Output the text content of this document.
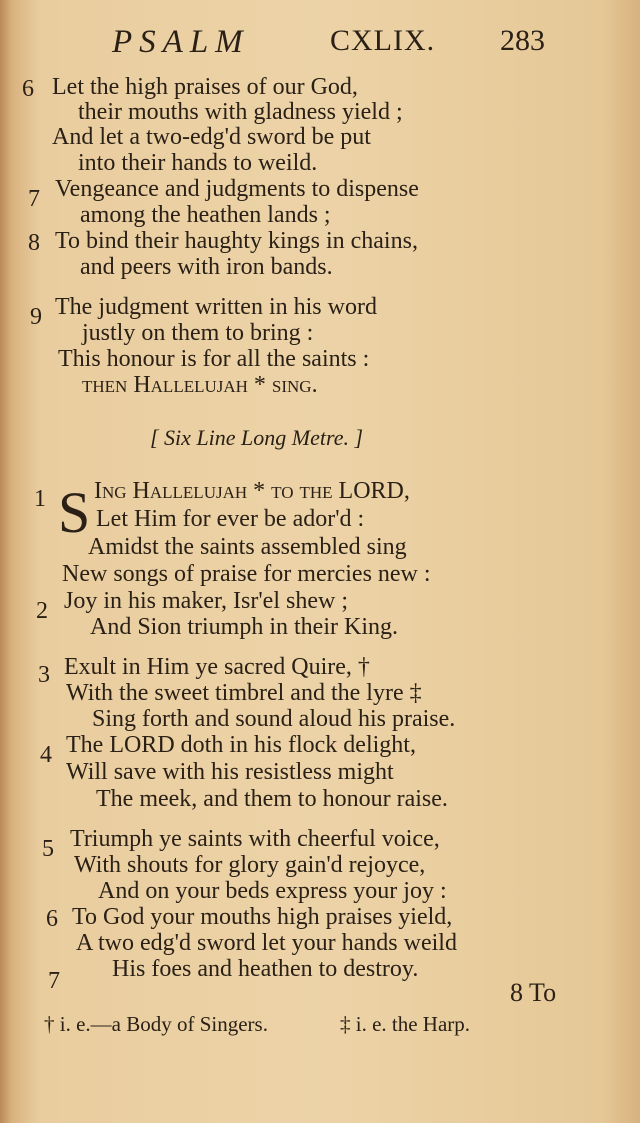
PSALM	CXLIX. 283
6 Let the high praises of our God,
their mouths with gladness yield ;
And let a two-edg'd sword be put
into their hands to weild.
7 Vengeance and judgments to dispense
among the heathen lands ;
8 To bind their haughty kings in chains,
and peers with iron bands.
9 The judgment written in his word
justly on them to bring :
This honour is for all the saints :
then Hallelujah * sing.
[ Six Line Long Metre. ]
1 S Ing Hallelujah * to the LORD,
Let Him for ever be ador'd :
Amidst the saints assembled sing
New songs of praise for mercies new :
2 Joy in his maker, Isr'el shew ;
And Sion triumph in their King.
3 Exult in Him ye sacred Quire, †
With the sweet timbrel and the lyre ‡
Sing forth and sound aloud his praise.
4 The LORD doth in his flock delight,
Will save with his resistless might
The meek, and them to honour raise.
5 Triumph ye saints with cheerful voice,
With shouts for glory gain'd rejoyce,
And on your beds express your joy :
6 To God your mouths high praises yield,
A two edg'd sword let your hands weild
7 His foes and heathen to destroy.
8 To
† i. e.—a Body of Singers.	‡ i. e. the Harp.
